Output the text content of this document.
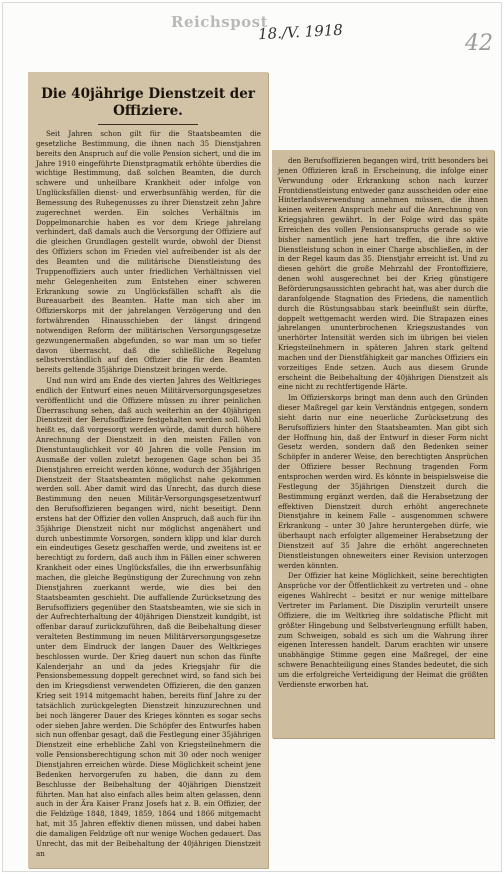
Reichspost
18./V. 1918	42
Die 40jährige Dienstzeit der Offiziere.

Seit Jahren schon gilt für die Staatsbeamten die gesetzliche Bestimmung, die ihnen nach 35 Dienstjahren bereits den Anspruch auf die volle Pension sichert, und die im Jahre 1910 eingeführte Dienstpragmatik erhöhte überdies die wichtige Bestimmung, daß solchen Beamten, die durch schwere und unheilbare Krankheit oder infolge von Unglücksfällen dienst- und erwerbsunfähig werden, für die Bemessung des Ruhegenusses zu ihrer Dienstzeit zehn Jahre zugerechnet werden. Ein solches Verhältnis im Doppelmonarchie haben es vor dem Kriege jahrelang verhindert, daß damals auch die Versorgung der Offiziere auf die gleichen Grundlagen gestellt wurde, obwohl der Dienst des Offiziers schon im Frieden viel aufreibender ist als der des Beamten und die militärische Dienstleistung des Truppenoffiziers auch unter friedlichen Verhältnissen viel mehr Gelegenheiten zum Entstehen einer schweren Erkrankung sowie zu Unglücksfällen schafft als die Bureauarbeit des Beamten. Hatte man sich aber im Offizierskorps mit der jahrelangen Verzögerung und den fortwährenden Hinausschieben der längst dringend notwendigen Reform der militärischen Versorgungsgesetze gezwungenermaßen abgefunden, so war man um so tiefer davon überrascht, daß die schließliche Regelung selbstverständlich auf den Offizier die für den Beamten bereits geltende 35jährige Dienstzeit bringen werde.

Und nun wird am Ende des vierten Jahres des Weltkrieges endlich der Entwurf eines neuen Militärversorgungsgesetzes veröffentlicht und die Offiziere müssen zu ihrer peinlichen Überraschung sehen, daß auch weiterhin an der 40jährigen Dienstzeit der Berufsoffiziere festgehalten werden soll. Wohl heißt es, daß vorgesorgt werden würde, damit durch höhere Anrechnung der Dienstzeit in den meisten Fällen von Dienstuntauglichkeit vor 40 Jahren die volle Pension im Ausmaße der vollen zuletzt bezogenen Gage schon bei 35 Dienstjahren erreicht werden könne, wodurch der 35jährigen Dienstzeit der Staatsbeamten möglichst nahe gekommen werden soll. Aber damit wird das Unrecht, das durch diese Bestimmung den neuen Militär-Versorgungsgesetzentwurf den Berufsoffizieren begangen wird, nicht beseitigt. Denn erstens hat der Offizier den vollen Anspruch, daß auch für ihn 35jährige Dienstzeit nicht nur möglichst angenähert und durch unbestimmte Vorsorgen, sondern klipp und klar durch ein eindeutiges Gesetz geschaffen werde, und zweitens ist er berechtigt zu fordern, daß auch ihm in Fällen einer schweren Krankheit oder eines Unglücksfalles, die ihn erwerbsunfähig machen, die gleiche Begünstigung der Zurechnung von zehn Dienstjahren zuerkannt werde, wie dies bei den Staatsbeamten geschieht. Die auffallende Zurücksetzung des Berufsoffiziers gegenüber den Staatsbeamten, wie sie sich in der Aufrechterhaltung der 40jährigen Dienstzeit kundgibt, ist offenbar darauf zurückzuführen, daß die Beibehaltung dieser veralteten Bestimmung im neuen Militärversorgungsgesetze unter dem Eindruck der langen Dauer des Weltkrieges beschlossen wurde. Der Krieg dauert nun schon das fünfte Kalenderjahr an und da jedes Kriegsjahr für die Pensionsbemessung doppelt gerechnet wird, so fand sich bei den im Kriegsdienst verwendeten Offizieren, die den ganzen Krieg seit 1914 mitgemacht haben, bereits fünf Jahre zu der tatsächlich zurückgelegten Dienstzeit hinzuzurechnen und bei noch längerer Dauer des Krieges könnten es sogar sechs oder sieben Jahre werden. Die Schöpfer des Entwurfes haben sich nun offenbar gesagt, daß die Festlegung einer 35jährigen Dienstzeit eine erhebliche Zahl von Kriegsteilnehmern die volle Pensionsberechtigung schon mit 30 oder noch weniger Dienstjahren erreichen würde. Diese Möglichkeit scheint jene Bedenken hervorgerufen zu haben, die dann zu dem Beschlusse der Beibehaltung der 40jährigen Dienstzeit führten. Man hat also einfach alles beim alten gelassen, denn auch in der Ära Kaiser Franz Josefs hat z. B. ein Offizier, der die Feldzüge 1848, 1849, 1859, 1864 und 1866 mitgemacht hat, mit 35 Jahren effektiv dienen müssen, und dabei haben die damaligen Feldzüge oft nur wenige Wochen gedauert. Das Unrecht, das mit der Beibehaltung der 40jährigen Dienstzeit an

den Berufsoffizieren begangen wird, tritt besonders bei jenen Offizieren kraß in Erscheinung, die infolge einer Verwundung oder Erkrankung schon nach kurzer Frontdienstleistung entweder ganz ausscheiden oder eine Hinterlandsverwendung annehmen müssen, die ihnen keinen weiteren Anspruch mehr auf die Anrechnung von Kriegsjahren gewährt. In der Folge wird das späte Erreichen des vollen Pensionsanspruchs gerade so wie bisher namentlich jene hart treffen, die ihre aktive Dienstleistung schon in einer Charge abschließen, in der in der Regel kaum das 35. Dienstjahr erreicht ist. Und zu diesen gehört die große Mehrzahl der Frontoffiziere, denen wohl ausgerechnet bei der Krieg günstigere Beförderungsaussichten gebracht hat, was aber durch die daranfolgende Stagnation des Friedens, die namentlich durch die Rüstungsabbau stark beeinflußt sein dürfte, doppelt wettgemacht werden wird. Die Strapazen eines jahrelangen ununterbrochenen Kriegszustandes von unerhörter Intensität werden sich im übrigen bei vielen Kriegsteilnehmern in späteren Jahren stark geltend machen und der Dienstfähigkeit gar manches Offiziers ein vorzeitiges Ende setzen. Auch aus diesem Grunde erscheint die Beibehaltung der 40jährigen Dienstzeit als eine nicht zu rechtfertigende Härte.

Im Offizierskorps bringt man denn auch den Gründen dieser Maßregel gar kein Verständnis entgegen, sondern sieht darin nur eine neuerliche Zurücksetzung des Berufsoffiziers hinter den Staatsbeamten. Man gibt sich der Hoffnung hin, daß der Entwurf in dieser Form nicht Gesetz werden, sondern daß den Bedenken seiner Schöpfer in anderer Weise, den berechtigten Ansprüchen der Offiziere besser Rechnung tragenden Form entsprochen werden wird. Es könnte in beispielsweise die Festlegung der 35jährigen Dienstzeit durch die Bestimmung ergänzt werden, daß die Herabsetzung der effektiven Dienstzeit durch erhöht angerechnete Dienstjahre in keinem Falle – ausgenommen schwere Erkrankung – unter 30 Jahre heruntergehen dürfe, wie überhaupt nach erfolgter allgemeiner Herabsetzung der Dienstzeit auf 35 Jahre die erhöht angerechneten Dienstleistungen ohneweiters einer Revision unterzogen werden könnten.

Der Offizier hat keine Möglichkeit, seine berechtigten Ansprüche vor der Öffentlichkeit zu vertreten und – ohne eigenes Wahlrecht – besitzt er nur wenige mittelbare Vertreter im Parlament. Die Disziplin verurteilt unsere Offiziere, die im Weltkrieg ihre soldatische Pflicht mit größter Hingebung und Selbstverleugnung erfüllt haben, zum Schweigen, sobald es sich um die Wahrung ihrer eigenen Interessen handelt. Darum erachten wir unsere unabhängige Stimme gegen eine Maßregel, der eine schwere Benachteiligung eines Standes bedeutet, die sich um die erfolgreiche Verteidigung der Heimat die größten Verdienste erworben hat.
